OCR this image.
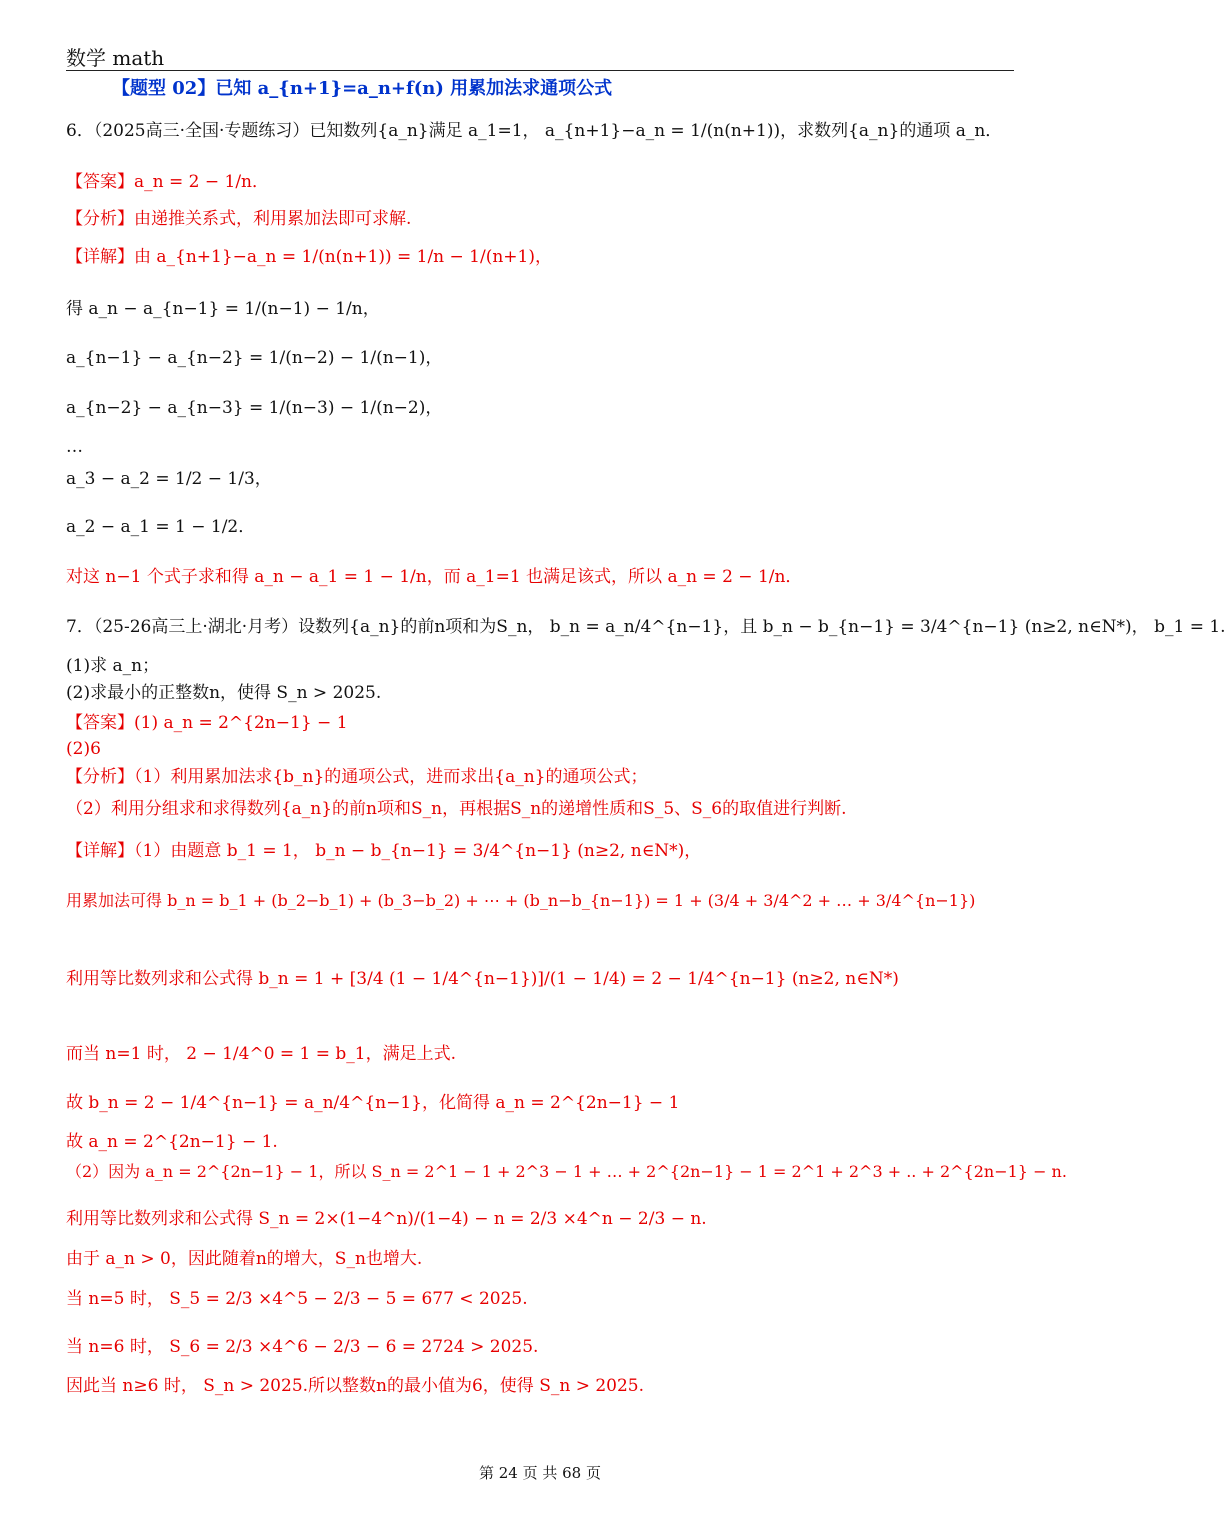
数学 math
【题型 02】已知 a_{n+1}=a_n+f(n) 用累加法求通项公式
6．（2025高三·全国·专题练习）已知数列{a_n}满足 a_1=1， a_{n+1}−a_n = 1/(n(n+1))，求数列{a_n}的通项 a_n．
【答案】a_n = 2 − 1/n．
【分析】由递推关系式，利用累加法即可求解.
【详解】由 a_{n+1}−a_n = 1/(n(n+1)) = 1/n − 1/(n+1)，
得 a_n − a_{n−1} = 1/(n−1) − 1/n，
a_{n−1} − a_{n−2} = 1/(n−2) − 1/(n−1)，
a_{n−2} − a_{n−3} = 1/(n−3) − 1/(n−2)，
…
a_3 − a_2 = 1/2 − 1/3，
a_2 − a_1 = 1 − 1/2．
对这 n−1 个式子求和得 a_n − a_1 = 1 − 1/n，而 a_1=1 也满足该式，所以 a_n = 2 − 1/n．
7．（25-26高三上·湖北·月考）设数列{a_n}的前n项和为S_n， b_n = a_n/4^{n−1}，且 b_n − b_{n−1} = 3/4^{n−1} (n≥2, n∈N*)， b_1 = 1.
(1)求 a_n；
(2)求最小的正整数n，使得 S_n > 2025.
【答案】(1) a_n = 2^{2n−1} − 1
(2)6
【分析】（1）利用累加法求{b_n}的通项公式，进而求出{a_n}的通项公式；
（2）利用分组求和求得数列{a_n}的前n项和S_n，再根据S_n的递增性质和S_5、S_6的取值进行判断.
【详解】（1）由题意 b_1 = 1， b_n − b_{n−1} = 3/4^{n−1} (n≥2, n∈N*)，
用累加法可得 b_n = b_1 + (b_2−b_1) + (b_3−b_2) + ⋯ + (b_n−b_{n−1}) = 1 + (3/4 + 3/4^2 + … + 3/4^{n−1})
利用等比数列求和公式得 b_n = 1 + [3/4 (1 − 1/4^{n−1})]/(1 − 1/4) = 2 − 1/4^{n−1} (n≥2, n∈N*)
而当 n=1 时， 2 − 1/4^0 = 1 = b_1，满足上式.
故 b_n = 2 − 1/4^{n−1} = a_n/4^{n−1}，化简得 a_n = 2^{2n−1} − 1
故 a_n = 2^{2n−1} − 1.
（2）因为 a_n = 2^{2n−1} − 1，所以 S_n = 2^1 − 1 + 2^3 − 1 + … + 2^{2n−1} − 1 = 2^1 + 2^3 + .. + 2^{2n−1} − n.
利用等比数列求和公式得 S_n = 2×(1−4^n)/(1−4) − n = 2/3 ×4^n − 2/3 − n.
由于 a_n > 0，因此随着n的增大，S_n也增大.
当 n=5 时， S_5 = 2/3 ×4^5 − 2/3 − 5 = 677 < 2025.
当 n=6 时， S_6 = 2/3 ×4^6 − 2/3 − 6 = 2724 > 2025.
因此当 n≥6 时， S_n > 2025.所以整数n的最小值为6，使得 S_n > 2025.
第 24 页 共 68 页
